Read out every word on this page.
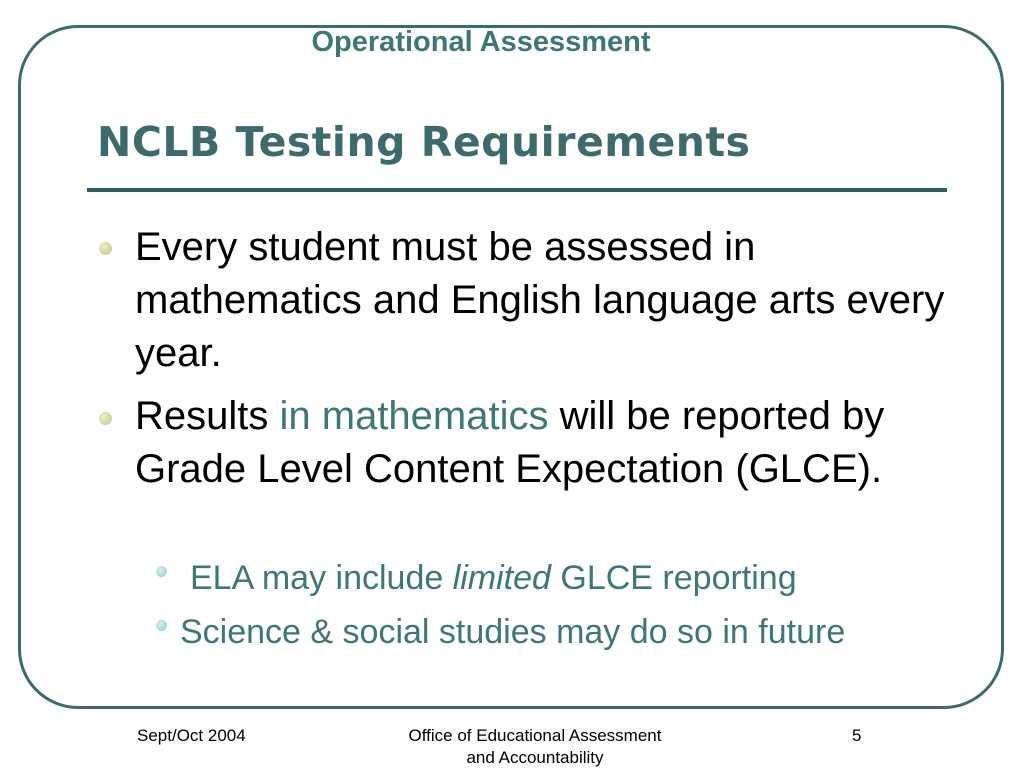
Operational Assessment
NCLB Testing Requirements
Every student must be assessed in mathematics and English language arts every year.
Results in mathematics will be reported by Grade Level Content Expectation (GLCE).
ELA may include limited GLCE reporting
Science & social studies may do so in future
Sept/Oct 2004	Office of Educational Assessment
and Accountability
5
